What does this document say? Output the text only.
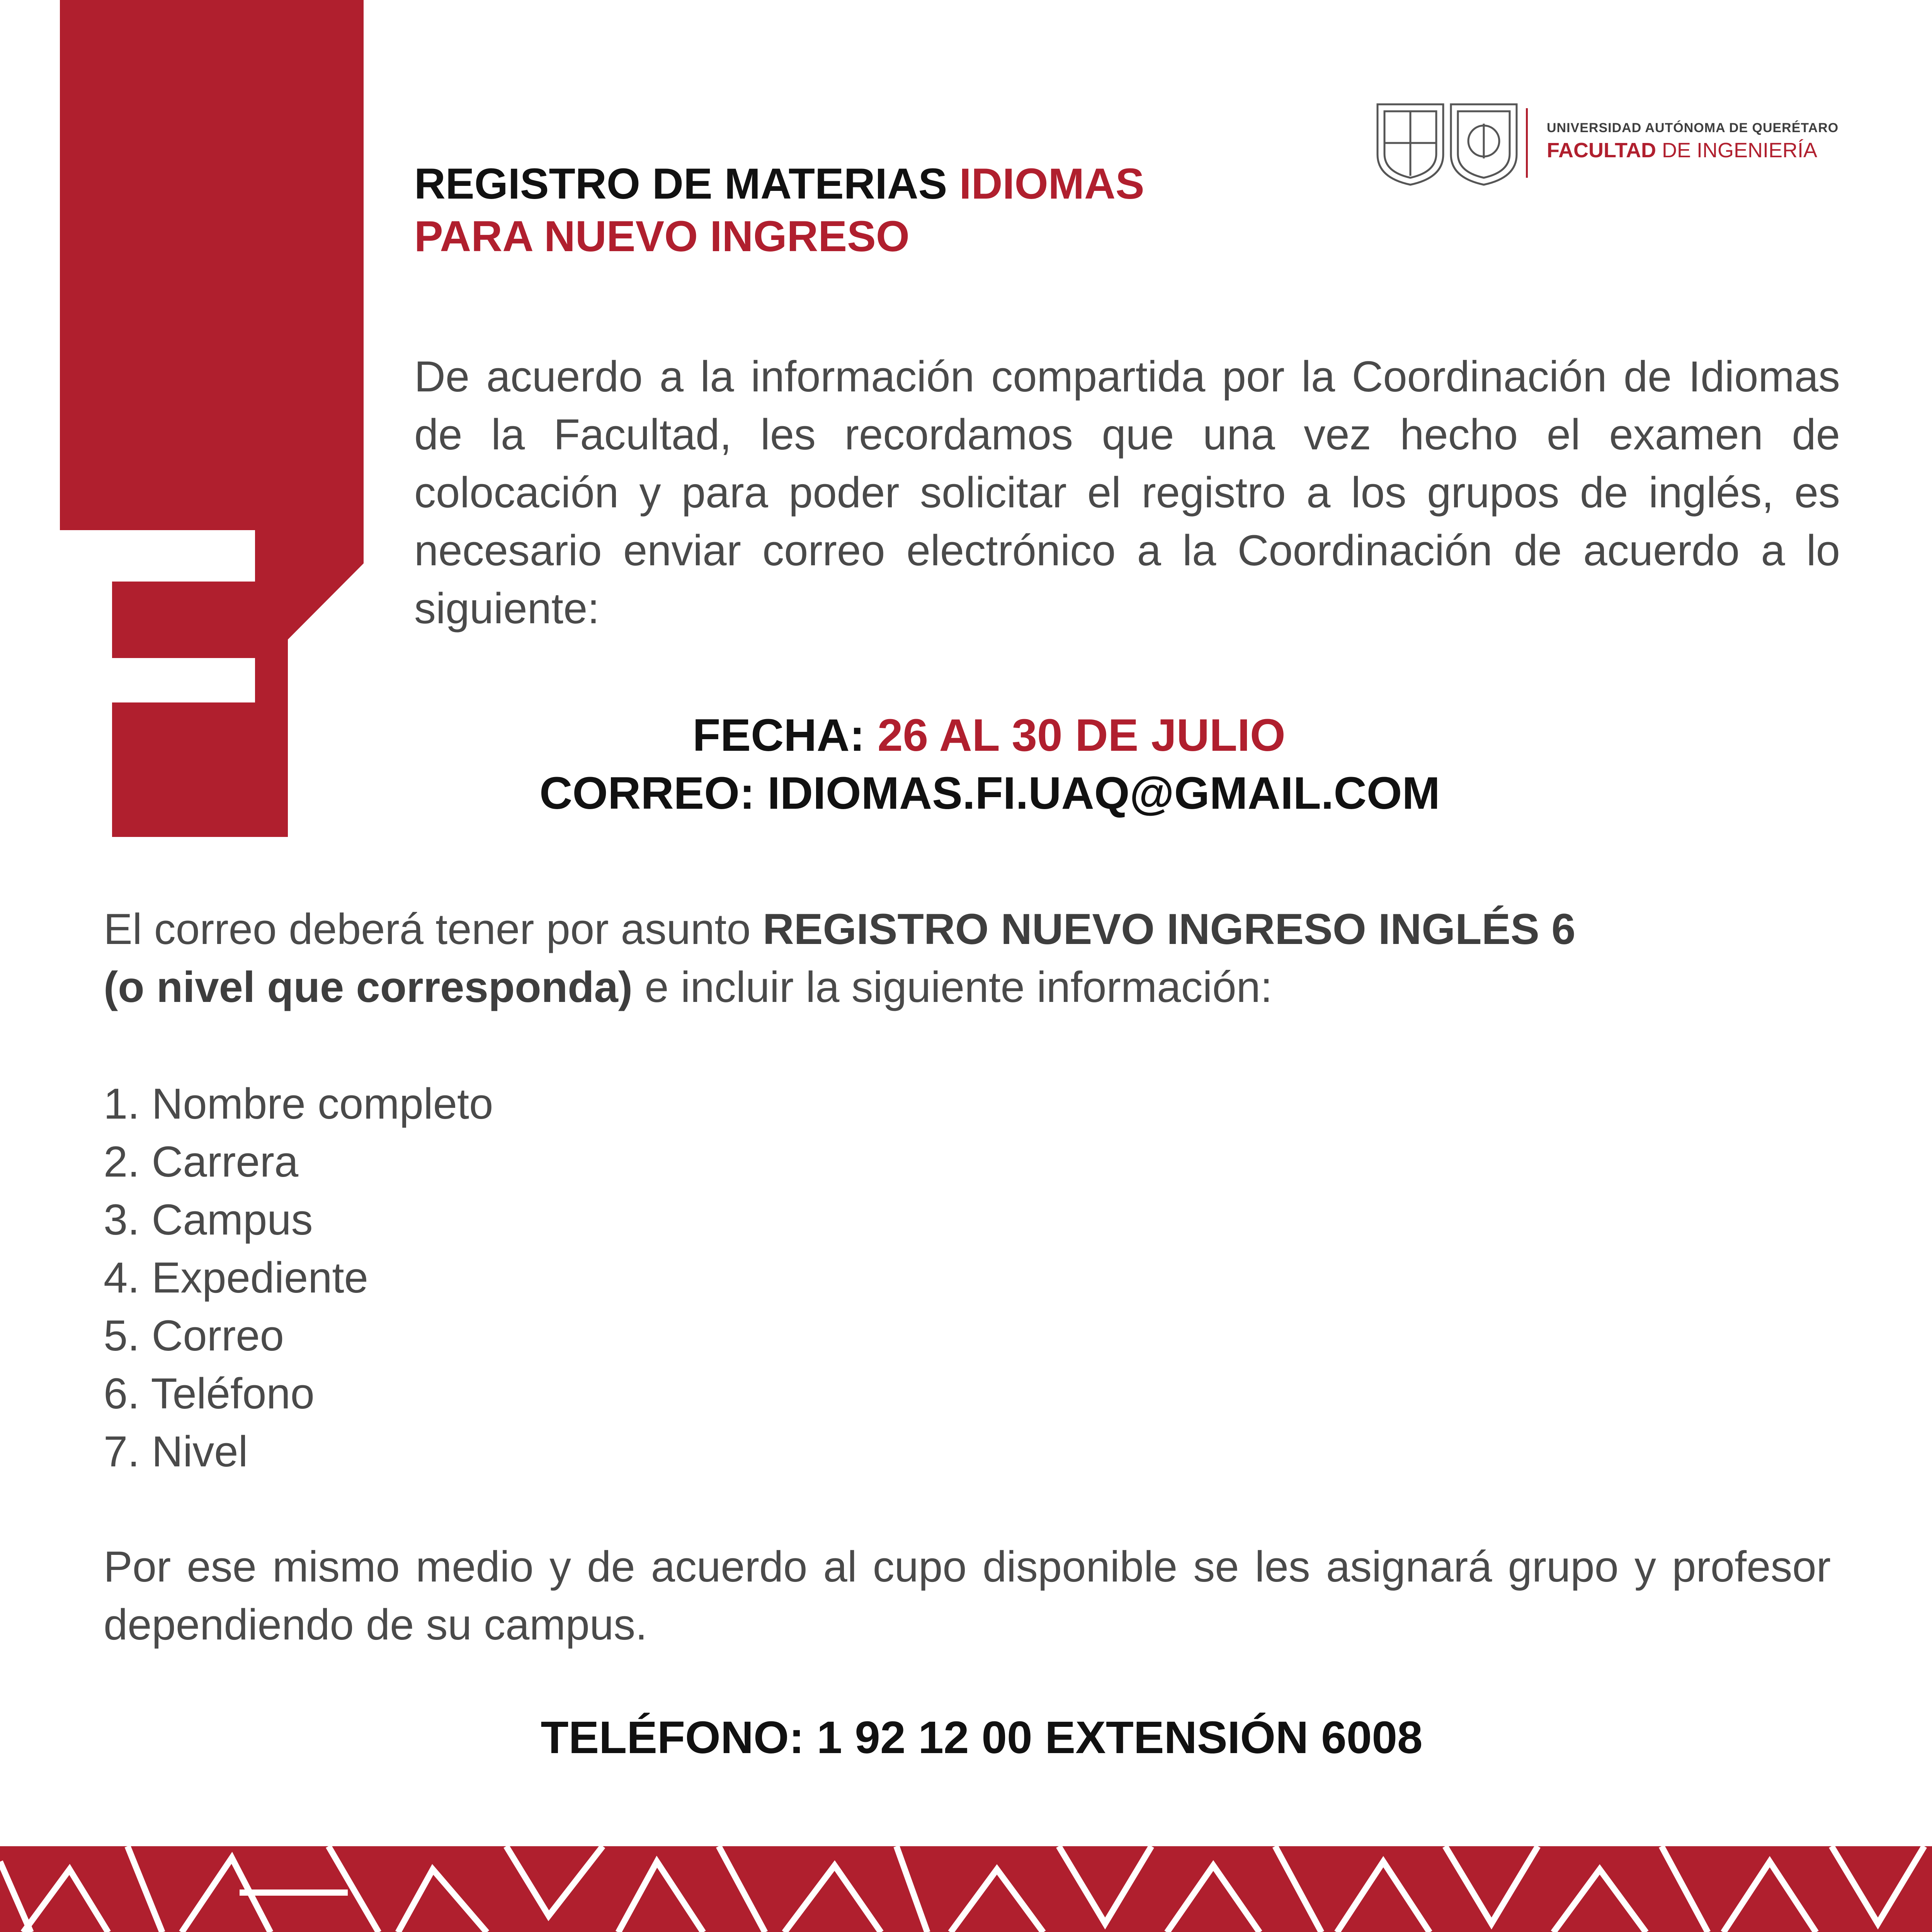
UNIVERSIDAD AUTÓNOMA DE QUERÉTARO
FACULTAD DE INGENIERÍA
REGISTRO DE MATERIAS IDIOMAS
PARA NUEVO INGRESO
De acuerdo a la información compartida por la Coordinación de Idiomas de la Facultad, les recordamos que una vez hecho el examen de colocación y para poder solicitar el registro a los grupos de inglés, es necesario enviar correo electrónico a la Coordinación de acuerdo a lo siguiente:
FECHA: 26 AL 30 DE JULIO
CORREO: IDIOMAS.FI.UAQ@GMAIL.COM
El correo deberá tener por asunto REGISTRO NUEVO INGRESO INGLÉS 6
(o nivel que corresponda) e incluir la siguiente información:
1. Nombre completo
2. Carrera
3. Campus
4. Expediente
5. Correo
6. Teléfono
7. Nivel
Por ese mismo medio y de acuerdo al cupo disponible se les asignará grupo y profesor dependiendo de su campus.
TELÉFONO: 1 92 12 00 EXTENSIÓN 6008
